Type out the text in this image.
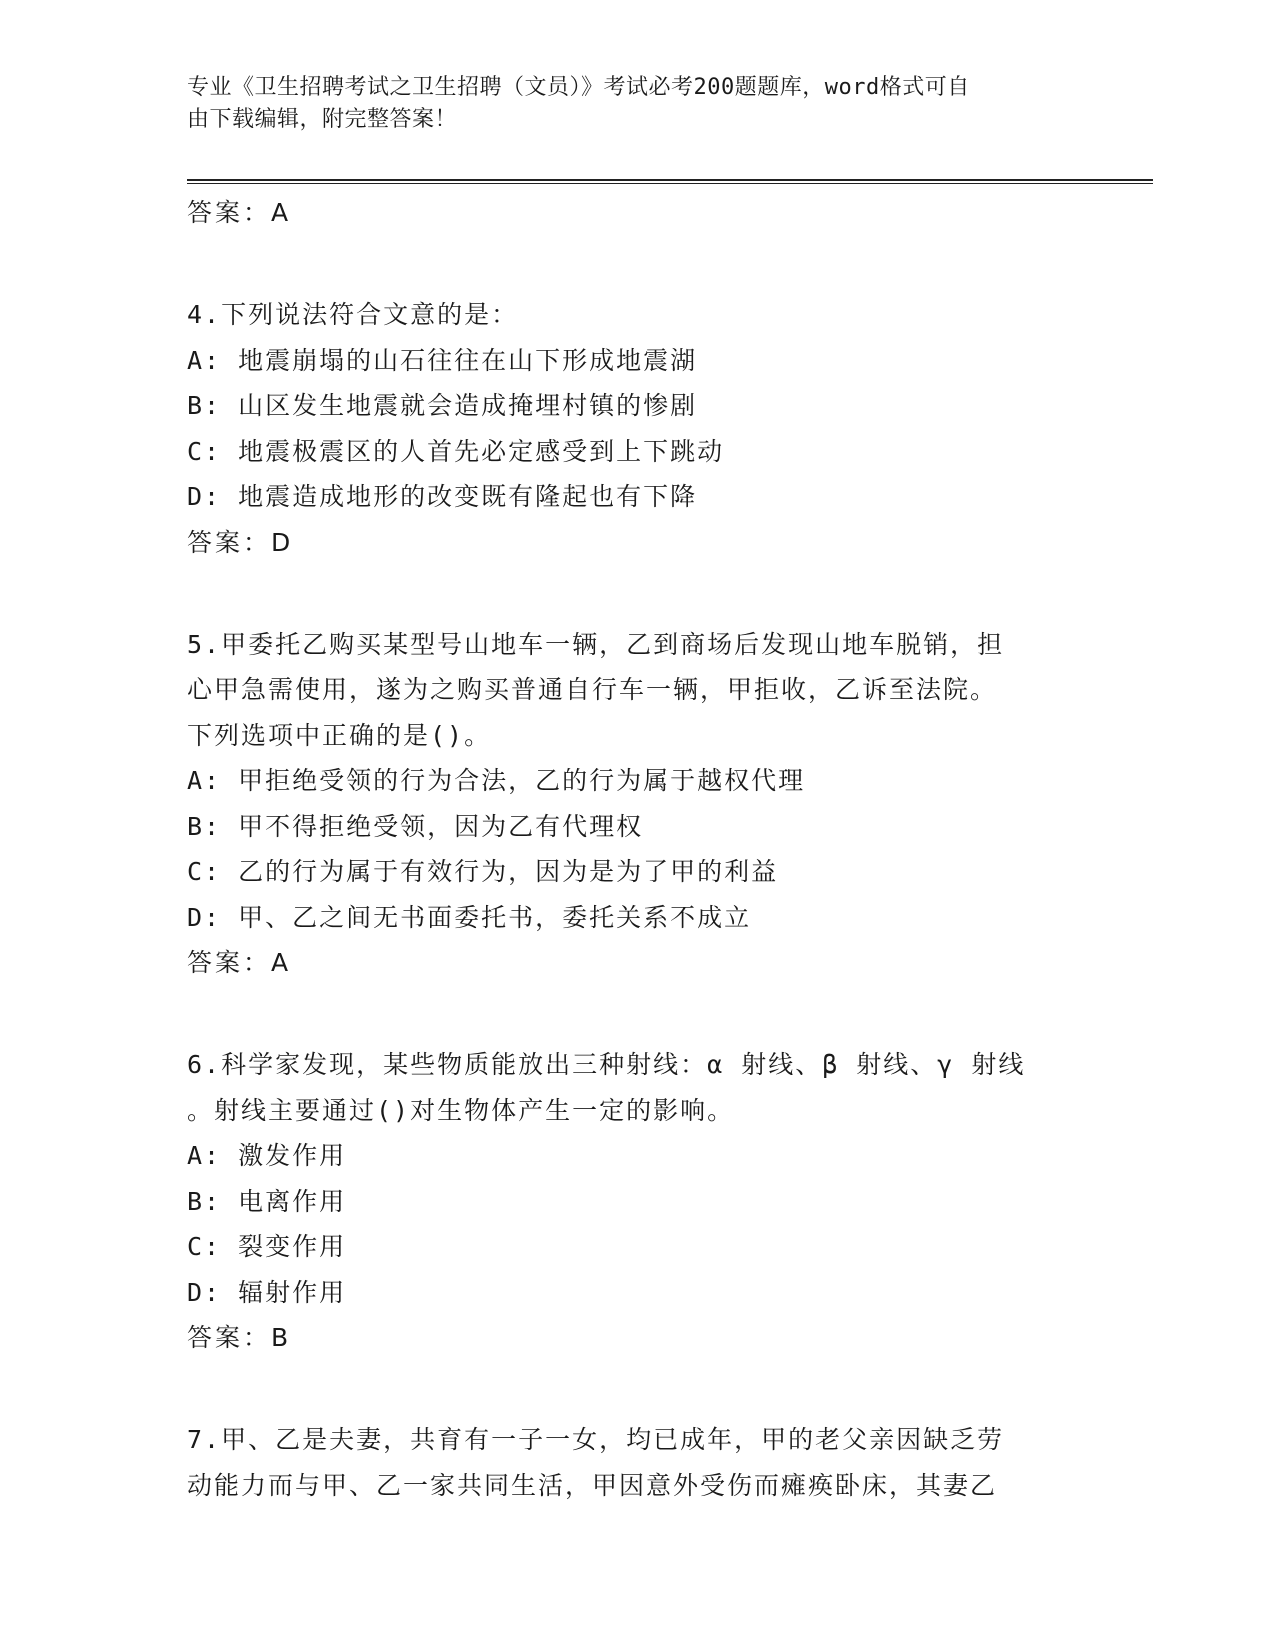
专业《卫生招聘考试之卫生招聘（文员）》考试必考200题题库，word格式可自
由下载编辑，附完整答案！
答案：A
4.下列说法符合文意的是：
A: 地震崩塌的山石往往在山下形成地震湖
B: 山区发生地震就会造成掩埋村镇的惨剧
C: 地震极震区的人首先必定感受到上下跳动
D: 地震造成地形的改变既有隆起也有下降
答案：D
5.甲委托乙购买某型号山地车一辆，乙到商场后发现山地车脱销，担
心甲急需使用，遂为之购买普通自行车一辆，甲拒收，乙诉至法院。
下列选项中正确的是()。
A: 甲拒绝受领的行为合法，乙的行为属于越权代理
B: 甲不得拒绝受领，因为乙有代理权
C: 乙的行为属于有效行为，因为是为了甲的利益
D: 甲、乙之间无书面委托书，委托关系不成立
答案：A
6.科学家发现，某些物质能放出三种射线：α 射线、β 射线、γ 射线
。射线主要通过()对生物体产生一定的影响。
A: 激发作用
B: 电离作用
C: 裂变作用
D: 辐射作用
答案：B
7.甲、乙是夫妻，共育有一子一女，均已成年，甲的老父亲因缺乏劳
动能力而与甲、乙一家共同生活，甲因意外受伤而瘫痪卧床，其妻乙
